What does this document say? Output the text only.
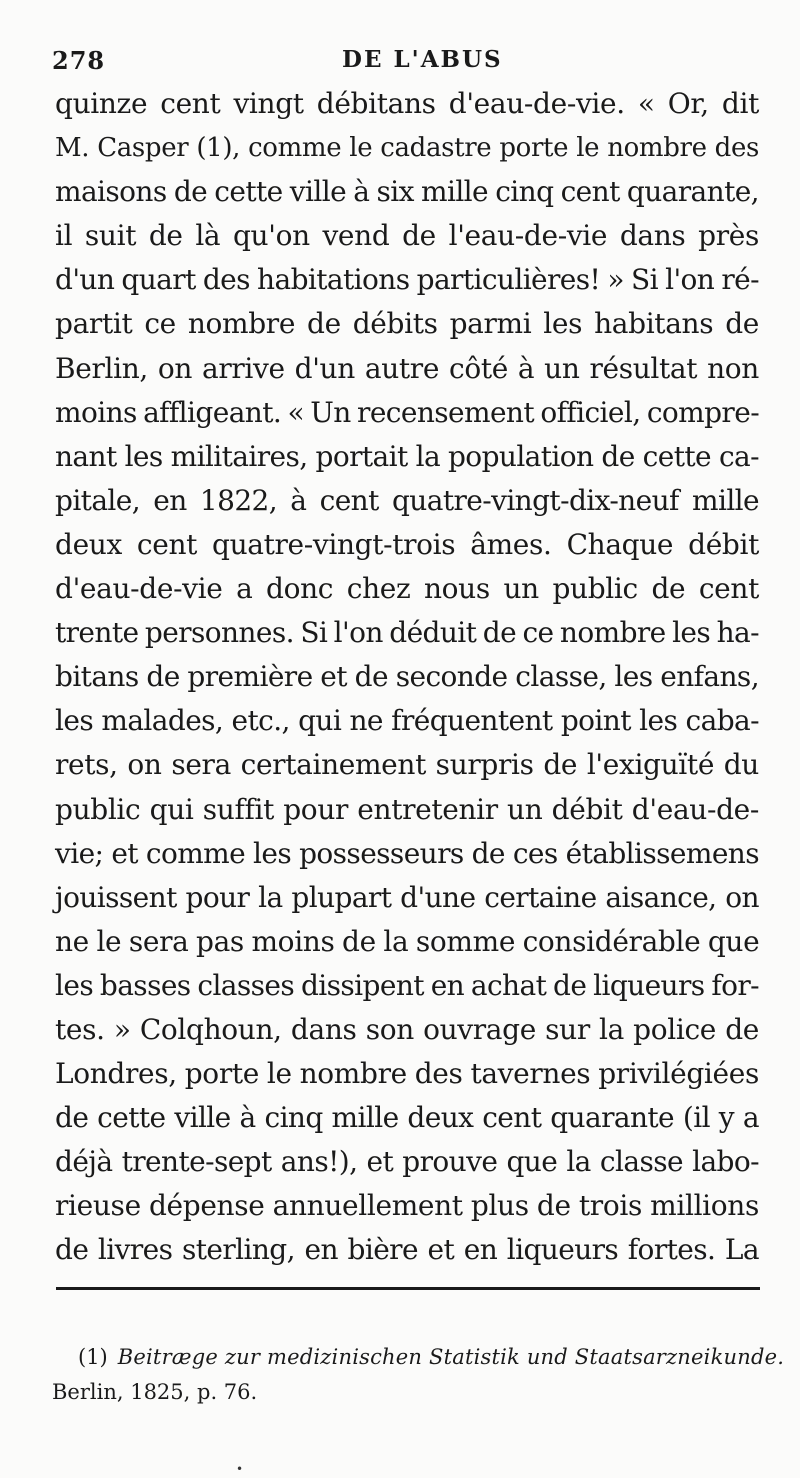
278	DE L'ABUS
quinze cent vingt débitans d'eau-de-vie. « Or, dit
M. Casper (1), comme le cadastre porte le nombre des
maisons de cette ville à six mille cinq cent quarante,
il suit de là qu'on vend de l'eau-de-vie dans près
d'un quart des habitations particulières! » Si l'on ré-
partit ce nombre de débits parmi les habitans de
Berlin, on arrive d'un autre côté à un résultat non
moins affligeant. « Un recensement officiel, compre-
nant les militaires, portait la population de cette ca-
pitale, en 1822, à cent quatre-vingt-dix-neuf mille
deux cent quatre-vingt-trois âmes. Chaque débit
d'eau-de-vie a donc chez nous un public de cent
trente personnes. Si l'on déduit de ce nombre les ha-
bitans de première et de seconde classe, les enfans,
les malades, etc., qui ne fréquentent point les caba-
rets, on sera certainement surpris de l'exiguïté du
public qui suffit pour entretenir un débit d'eau-de-
vie; et comme les possesseurs de ces établissemens
jouissent pour la plupart d'une certaine aisance, on
ne le sera pas moins de la somme considérable que
les basses classes dissipent en achat de liqueurs for-
tes. » Colqhoun, dans son ouvrage sur la police de
Londres, porte le nombre des tavernes privilégiées
de cette ville à cinq mille deux cent quarante (il y a
déjà trente-sept ans!), et prouve que la classe labo-
rieuse dépense annuellement plus de trois millions
de livres sterling, en bière et en liqueurs fortes. La
(1) Beitræge zur medizinischen Statistik und Staatsarzneikunde.
Berlin, 1825, p. 76.
•
